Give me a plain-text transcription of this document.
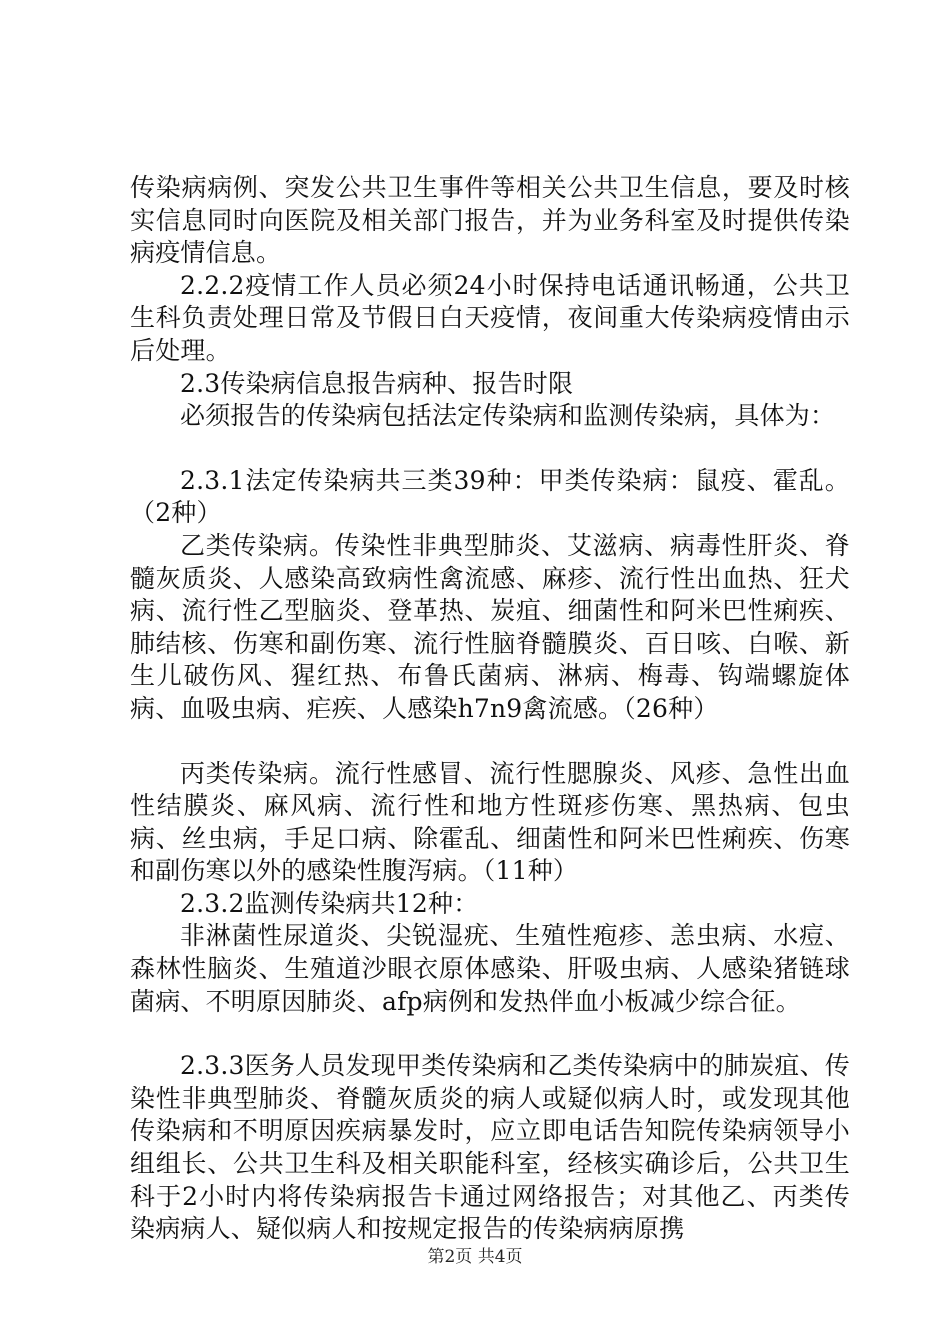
传染病病例、突发公共卫生事件等相关公共卫生信息，要及时核实信息同时向医院及相关部门报告，并为业务科室及时提供传染病疫情信息。

2.2.2疫情工作人员必须24小时保持电话通讯畅通，公共卫生科负责处理日常及节假日白天疫情，夜间重大传染病疫情由示后处理。

2.3传染病信息报告病种、报告时限

必须报告的传染病包括法定传染病和监测传染病，具体为：

2.3.1法定传染病共三类39种：甲类传染病：鼠疫、霍乱。（2种）

乙类传染病。传染性非典型肺炎、艾滋病、病毒性肝炎、脊髓灰质炎、人感染高致病性禽流感、麻疹、流行性出血热、狂犬病、流行性乙型脑炎、登革热、炭疽、细菌性和阿米巴性痢疾、肺结核、伤寒和副伤寒、流行性脑脊髓膜炎、百日咳、白喉、新生儿破伤风、猩红热、布鲁氏菌病、淋病、梅毒、钩端螺旋体病、血吸虫病、疟疾、人感染h7n9禽流感。（26种）

丙类传染病。流行性感冒、流行性腮腺炎、风疹、急性出血性结膜炎、麻风病、流行性和地方性斑疹伤寒、黑热病、包虫病、丝虫病，手足口病、除霍乱、细菌性和阿米巴性痢疾、伤寒和副伤寒以外的感染性腹泻病。（11种）

2.3.2监测传染病共12种：

非淋菌性尿道炎、尖锐湿疣、生殖性疱疹、恙虫病、水痘、森林性脑炎、生殖道沙眼衣原体感染、肝吸虫病、人感染猪链球菌病、不明原因肺炎、afp病例和发热伴血小板减少综合征。

2.3.3医务人员发现甲类传染病和乙类传染病中的肺炭疽、传染性非典型肺炎、脊髓灰质炎的病人或疑似病人时，或发现其他传染病和不明原因疾病暴发时，应立即电话告知院传染病领导小组组长、公共卫生科及相关职能科室，经核实确诊后，公共卫生科于2小时内将传染病报告卡通过网络报告；对其他乙、丙类传染病病人、疑似病人和按规定报告的传染病病原携

第2页 共4页
